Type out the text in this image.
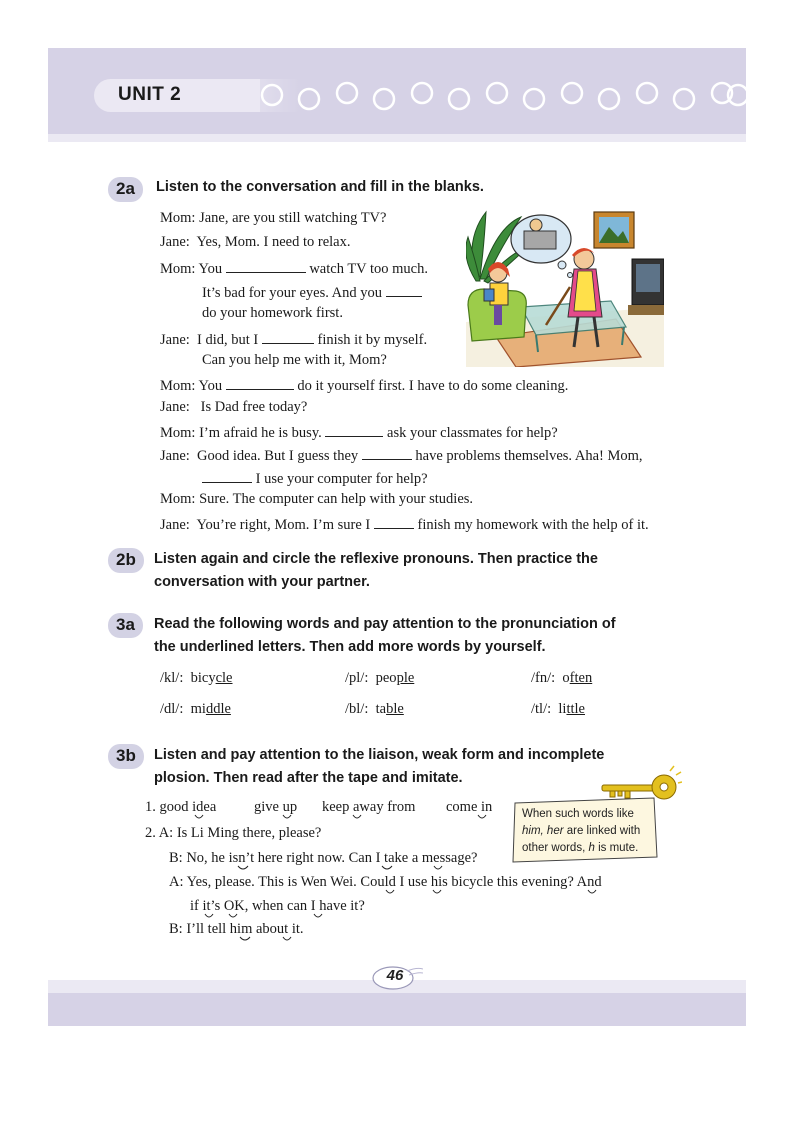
UNIT 2
2a	Listen to the conversation and fill in the blanks.
Mom: Jane, are you still watching TV?
Jane: Yes, Mom. I need to relax.
Mom: You	watch TV too much.
It’s bad for your eyes. And you
do your homework first.
Jane: I did, but I	finish it by myself.
Can you help me with it, Mom?
Mom: You	do it yourself first. I have to do some cleaning.
Jane: Is Dad free today?
Mom: I’m afraid he is busy.	ask your classmates for help?
Jane: Good idea. But I guess they	have problems themselves. Aha! Mom,
I use your computer for help?
Mom: Sure. The computer can help with your studies.
Jane: You’re right, Mom. I’m sure I	finish my homework with the help of it.
2b	Listen again and circle the reflexive pronouns. Then practice the
conversation with your partner.
3a	Read the following words and pay attention to the pronunciation of
the underlined letters. Then add more words by yourself.
/kl/: bicycle	/pl/: people	/fn/: often
/dl/: middle	/bl/: table	/tl/: little
3b	Listen and pay attention to the liaison, weak form and incomplete
plosion. Then read after the tape and imitate.
1. good idea	give up keep away from come in
2. A: Is Li Ming there, please?
B: No, he isn’t here right now. Can I take a message?
A: Yes, please. This is Wen Wei. Could I use his bicycle this evening? And
if it’s OK, when can I have it?
B: I’ll tell him about it.
When such words like
him, her are linked with
other words, h is mute.
46
